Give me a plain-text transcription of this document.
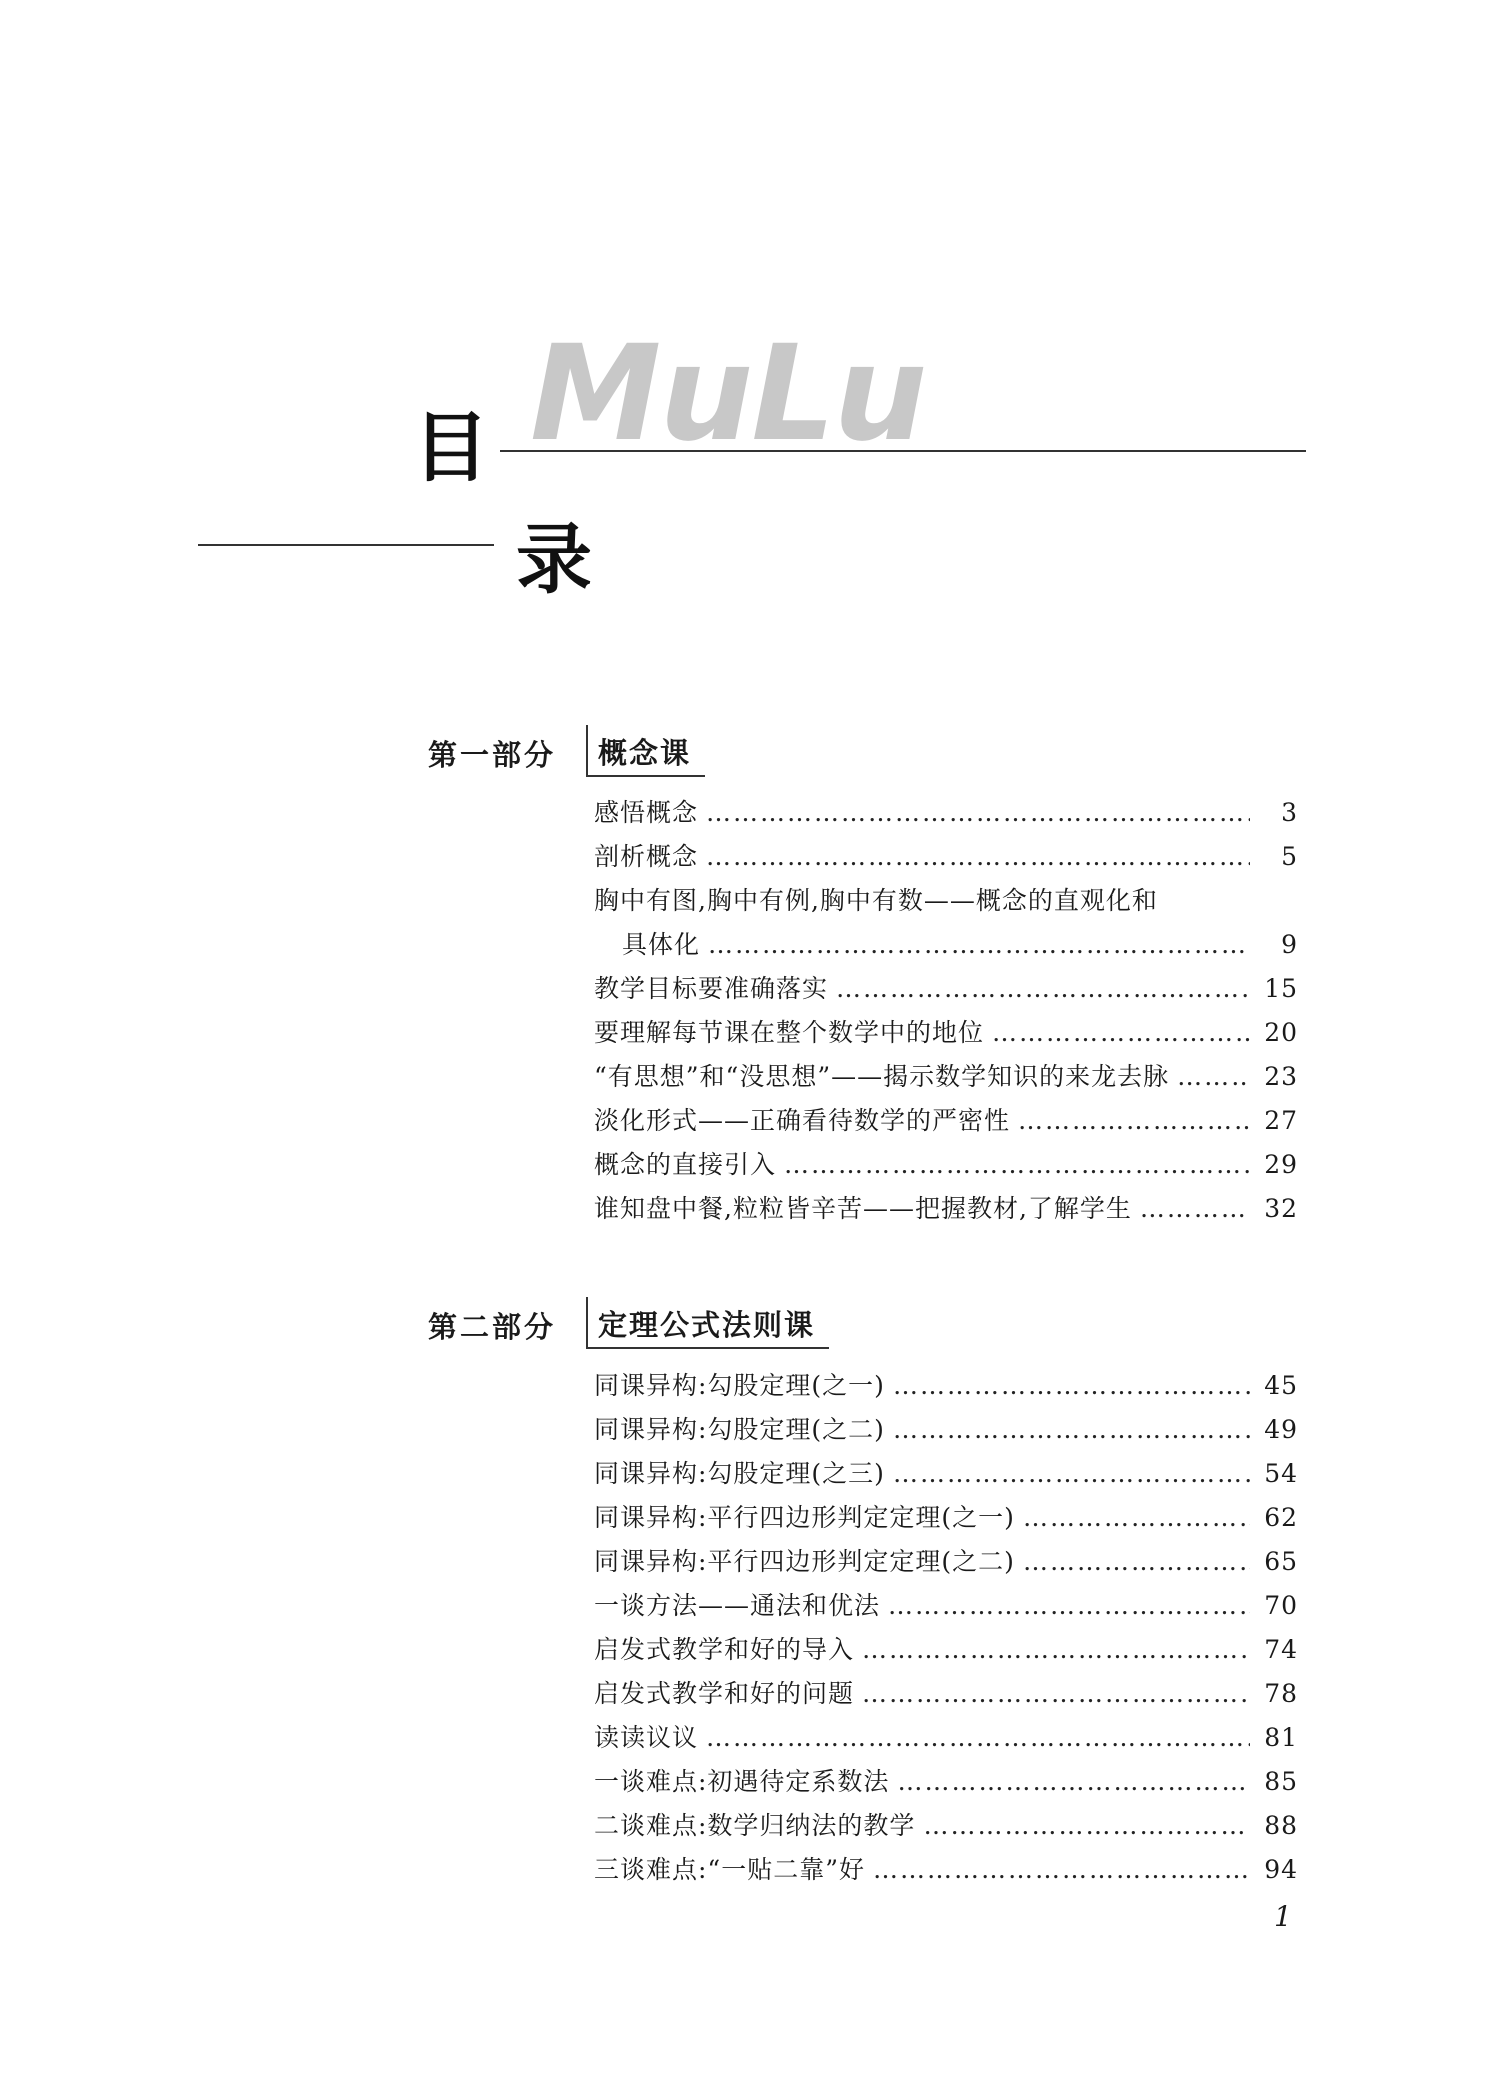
MuLu
目
录
第一部分	概念课
感悟概念 …………………………………………………………………………………………………………………………………………	3
剖析概念 …………………………………………………………………………………………………………………………………………	5
胸中有图,胸中有例,胸中有数——概念的直观化和
具体化 …………………………………………………………………………………………………………………………………………	9
教学目标要准确落实 …………………………………………………………………………………………………………………………………………	15
要理解每节课在整个数学中的地位 …………………………………………………………………………………………………………………………………………	20
“有思想”和“没思想”——揭示数学知识的来龙去脉 …………………………………………………………………………………………………………………………………………	23
淡化形式——正确看待数学的严密性 …………………………………………………………………………………………………………………………………………	27
概念的直接引入 …………………………………………………………………………………………………………………………………………	29
谁知盘中餐,粒粒皆辛苦——把握教材,了解学生 …………………………………………………………………………………………………………………………………………	32
第二部分	定理公式法则课
同课异构:勾股定理(之一) …………………………………………………………………………………………………………………………………………	45
同课异构:勾股定理(之二) …………………………………………………………………………………………………………………………………………	49
同课异构:勾股定理(之三) …………………………………………………………………………………………………………………………………………	54
同课异构:平行四边形判定定理(之一) …………………………………………………………………………………………………………………………………………	62
同课异构:平行四边形判定定理(之二) …………………………………………………………………………………………………………………………………………	65
一谈方法——通法和优法 …………………………………………………………………………………………………………………………………………	70
启发式教学和好的导入 …………………………………………………………………………………………………………………………………………	74
启发式教学和好的问题 …………………………………………………………………………………………………………………………………………	78
读读议议 …………………………………………………………………………………………………………………………………………	81
一谈难点:初遇待定系数法 …………………………………………………………………………………………………………………………………………	85
二谈难点:数学归纳法的教学 …………………………………………………………………………………………………………………………………………	88
三谈难点:“一贴二靠”好 …………………………………………………………………………………………………………………………………………	94
1
